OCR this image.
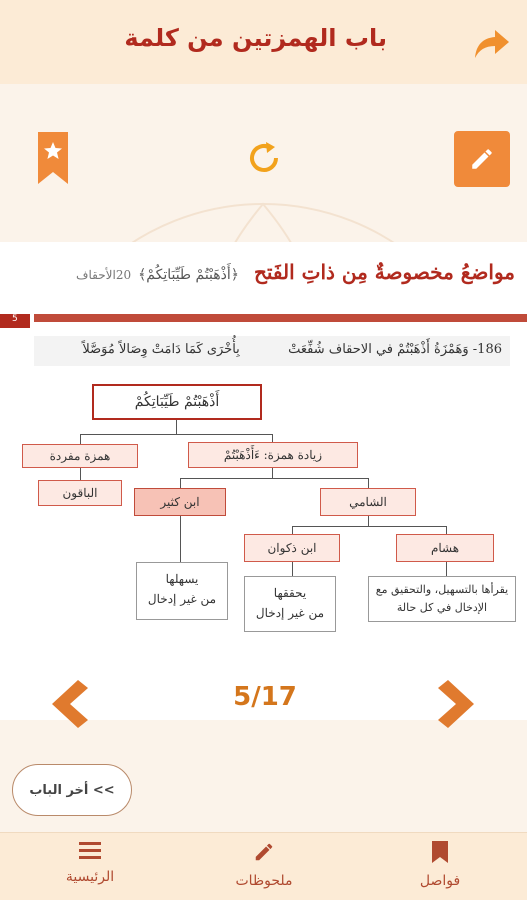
باب الهمزتين من كلمة
مواضعُ مخصوصةٌ مِن ذاتِ الفَتح ﴿أَذْهَبْتُمْ طَيِّبَاتِكُمْ﴾ 20الأحقاف
5
186- وَهَمْزَةُ أَذْهَبْتُمْ في الاحقاف شُفِّعَتْ  بِأُخْرَى كَمَا دَامَتْ وِصَالاً مُوَصَّلاً
أَذْهَبْتُمْ طَيِّبَاتِكُمْ
همزة مفردة	زيادة همزة: ءَأَذْهَبْتُمْ
الباقون
ابن كثير	الشامي
ابن ذكوان	هشام
يسهلها
من غير إدخال	يحققها
من غير إدخال
يقرأها بالتسهيل، والتحقيق مع الإدخال في كل حالة
5/17
أخر الباب <<
الرئيسية	ملحوظات	فواصل
